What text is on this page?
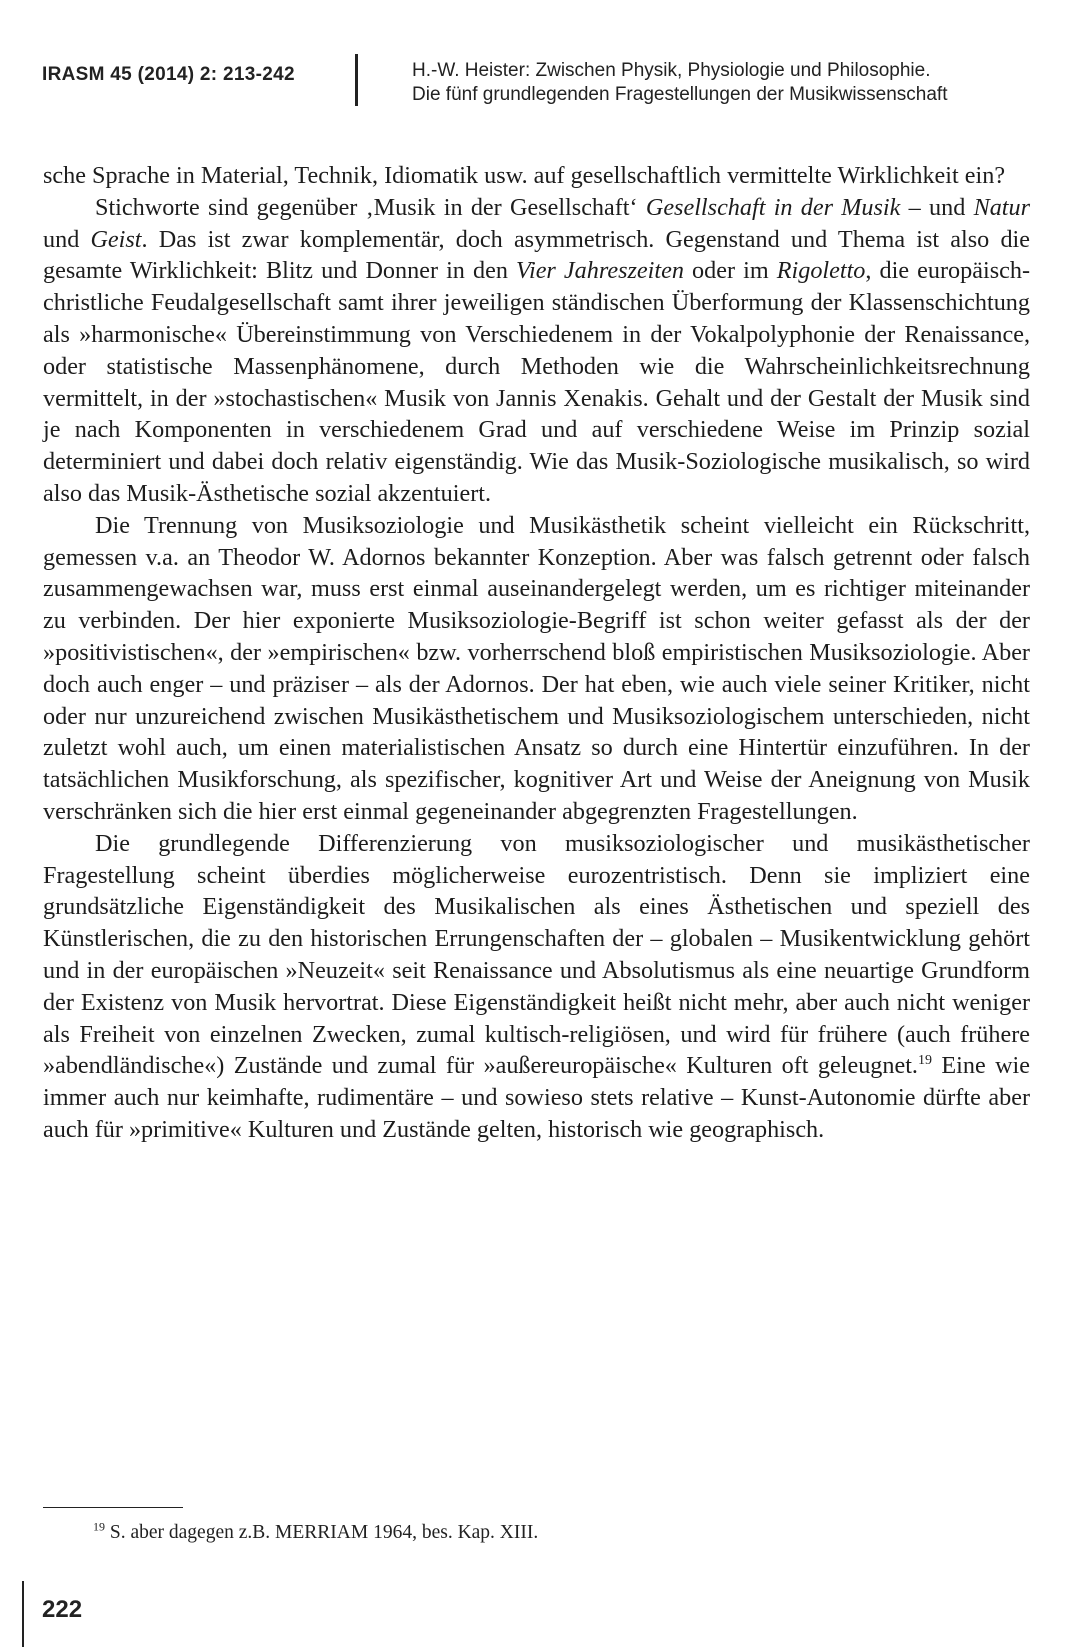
IRASM 45 (2014) 2: 213-242	H.-W. Heister: Zwischen Physik, Physiologie und Philosophie.
Die fünf grundlegenden Fragestellungen der Musikwissenschaft

sche Sprache in Material, Technik, Idiomatik usw. auf gesellschaftlich vermittelte Wirklichkeit ein?

Stichworte sind gegenüber ‚Musik in der Gesellschaft‘ Gesellschaft in der Musik – und Natur und Geist. Das ist zwar komplementär, doch asymmetrisch. Gegenstand und Thema ist also die gesamte Wirklichkeit: Blitz und Donner in den Vier Jahreszeiten oder im Rigoletto, die europäisch-christliche Feudalgesellschaft samt ihrer jeweiligen ständischen Überformung der Klassenschichtung als »harmonische« Übereinstimmung von Verschiedenem in der Vokalpolyphonie der Renaissance, oder statistische Massenphänomene, durch Methoden wie die Wahrscheinlichkeitsrechnung vermittelt, in der »stochastischen« Musik von Jannis Xenakis. Gehalt und der Gestalt der Musik sind je nach Komponenten in verschiedenem Grad und auf verschiedene Weise im Prinzip sozial determiniert und dabei doch relativ eigenständig. Wie das Musik-Soziologische musikalisch, so wird also das Musik-Ästhetische sozial akzentuiert.

Die Trennung von Musiksoziologie und Musikästhetik scheint vielleicht ein Rückschritt, gemessen v.a. an Theodor W. Adornos bekannter Konzeption. Aber was falsch getrennt oder falsch zusammengewachsen war, muss erst einmal auseinandergelegt werden, um es richtiger miteinander zu verbinden. Der hier exponierte Musiksoziologie-Begriff ist schon weiter gefasst als der der »positivistischen«, der »empirischen« bzw. vorherrschend bloß empiristischen Musiksoziologie. Aber doch auch enger – und präziser – als der Adornos. Der hat eben, wie auch viele seiner Kritiker, nicht oder nur unzureichend zwischen Musikästhetischem und Musiksoziologischem unterschieden, nicht zuletzt wohl auch, um einen materialistischen Ansatz so durch eine Hintertür einzuführen. In der tatsächlichen Musikforschung, als spezifischer, kognitiver Art und Weise der Aneignung von Musik verschränken sich die hier erst einmal gegeneinander abgegrenzten Fragestellungen.

Die grundlegende Differenzierung von musiksoziologischer und musikästhetischer Fragestellung scheint überdies möglicherweise eurozentristisch. Denn sie impliziert eine grundsätzliche Eigenständigkeit des Musikalischen als eines Ästhetischen und speziell des Künstlerischen, die zu den historischen Errungenschaften der – globalen – Musikentwicklung gehört und in der europäischen »Neuzeit« seit Renaissance und Absolutismus als eine neuartige Grundform der Existenz von Musik hervortrat. Diese Eigenständigkeit heißt nicht mehr, aber auch nicht weniger als Freiheit von einzelnen Zwecken, zumal kultisch-religiösen, und wird für frühere (auch frühere »abendländische«) Zustände und zumal für »außereuropäische« Kulturen oft geleugnet.$^{19}$ Eine wie immer auch nur keimhafte, rudimentäre – und sowieso stets relative – Kunst-Autonomie dürfte aber auch für »primitive« Kulturen und Zustände gelten, historisch wie geographisch.

$^{19}$ S. aber dagegen z.B. MERRIAM 1964, bes. Kap. XIII.
222
